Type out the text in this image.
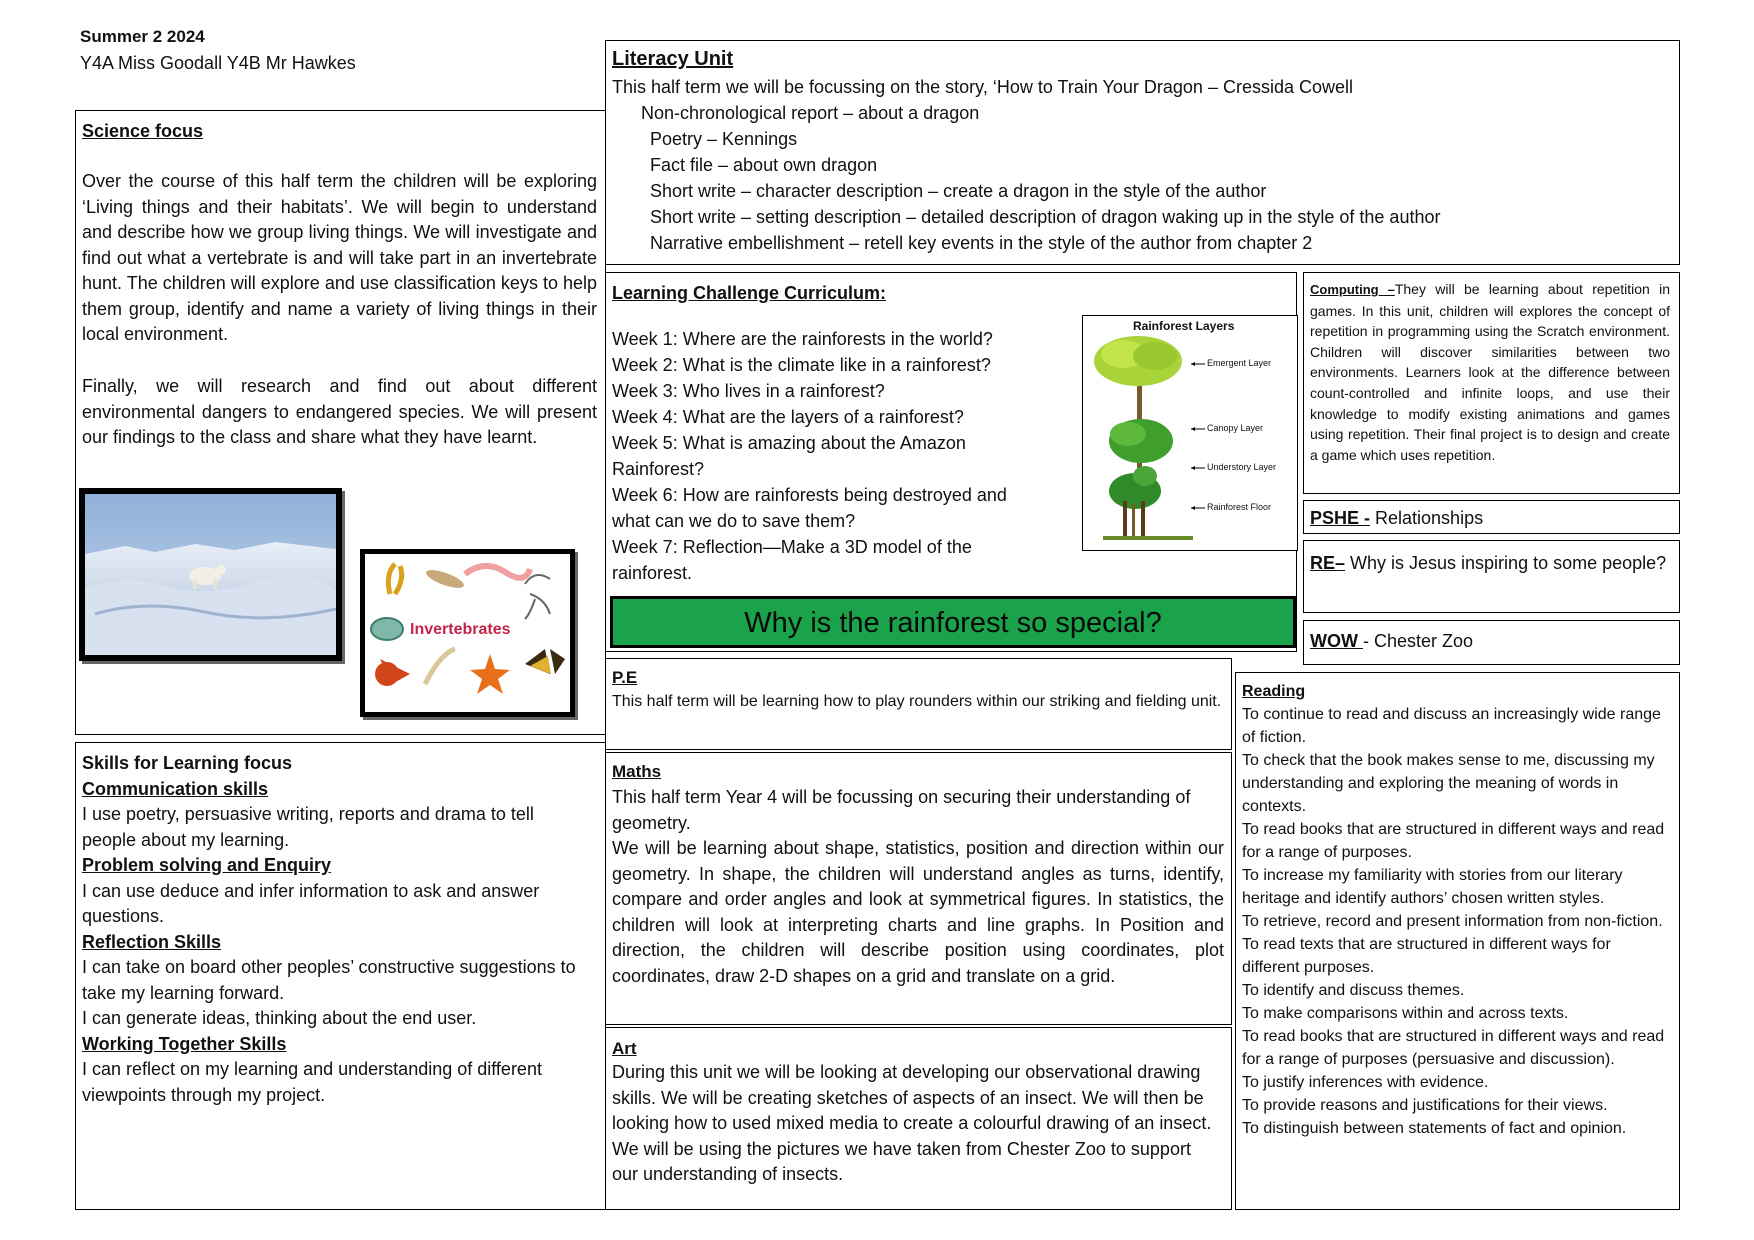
Summer 2 2024
Y4A Miss Goodall Y4B Mr Hawkes	Literacy Unit
This half term we will be focussing on the story, ‘How to Train Your Dragon – Cressida Cowell
Non-chronological report – about a dragon
Poetry – Kennings
Fact file – about own dragon
Short write – character description – create a dragon in the style of the author
Short write – setting description – detailed description of dragon waking up in the style of the author
Narrative embellishment – retell key events in the style of the author from chapter 2
Science focus
Over the course of this half term the children will be exploring ‘Living things and their habitats’. We will begin to understand and describe how we group living things. We will investigate and find out what a vertebrate is and will take part in an invertebrate hunt. The children will explore and use classification keys to help them group, identify and name a variety of living things in their local environment.
Finally, we will research and find out about different environmental dangers to endangered species. We will present our findings to the class and share what they have learnt.
Invertebrates
Learning Challenge Curriculum:
Week 1: Where are the rainforests in the world?
Week 2: What is the climate like in a rainforest?
Week 3: Who lives in a rainforest?
Week 4: What are the layers of a rainforest?
Week 5: What is amazing about the Amazon Rainforest?
Week 6: How are rainforests being destroyed and what can we do to save them?
Week 7: Reflection—Make a 3D model of the rainforest.
Rainforest Layers
Emergent Layer
Canopy Layer
Understory Layer
Rainforest Floor
Why is the rainforest so special?
Computing –They will be learning about repetition in games. In this unit, children will explores the concept of repetition in programming using the Scratch environment. Children will discover similarities between two environments. Learners look at the difference between count-controlled and infinite loops, and use their knowledge to modify existing animations and games using repetition. Their final project is to design and create a game which uses repetition.
PSHE - Relationships
RE– Why is Jesus inspiring to some people?
WOW - Chester Zoo
P.E
This half term will be learning how to play rounders within our striking and fielding unit.
Maths
This half term Year 4 will be focussing on securing their understanding of geometry.
We will be learning about shape, statistics, position and direction within our geometry. In shape, the children will understand angles as turns, identify, compare and order angles and look at symmetrical figures. In statistics, the children will look at interpreting charts and line graphs. In Position and direction, the children will describe position using coordinates, plot coordinates, draw 2-D shapes on a grid and translate on a grid.
Art
During this unit we will be looking at developing our observational drawing skills. We will be creating sketches of aspects of an insect. We will then be looking how to used mixed media to create a colourful drawing of an insect. We will be using the pictures we have taken from Chester Zoo to support our understanding of insects.
Reading
To continue to read and discuss an increasingly wide range of fiction.
To check that the book makes sense to me, discussing my understanding and exploring the meaning of words in contexts.
To read books that are structured in different ways and read for a range of purposes.
To increase my familiarity with stories from our literary heritage and identify authors’ chosen written styles.
To retrieve, record and present information from non-fiction.
To read texts that are structured in different ways for different purposes.
To identify and discuss themes.
To make comparisons within and across texts.
To read books that are structured in different ways and read for a range of purposes (persuasive and discussion).
To justify inferences with evidence.
To provide reasons and justifications for their views.
To distinguish between statements of fact and opinion.
Skills for Learning focus
Communication skills
I use poetry, persuasive writing, reports and drama to tell people about my learning.
Problem solving and Enquiry
I can use deduce and infer information to ask and answer questions.
Reflection Skills
I can take on board other peoples’ constructive suggestions to take my learning forward.
I can generate ideas, thinking about the end user.
Working Together Skills
I can reflect on my learning and understanding of different viewpoints through my project.
